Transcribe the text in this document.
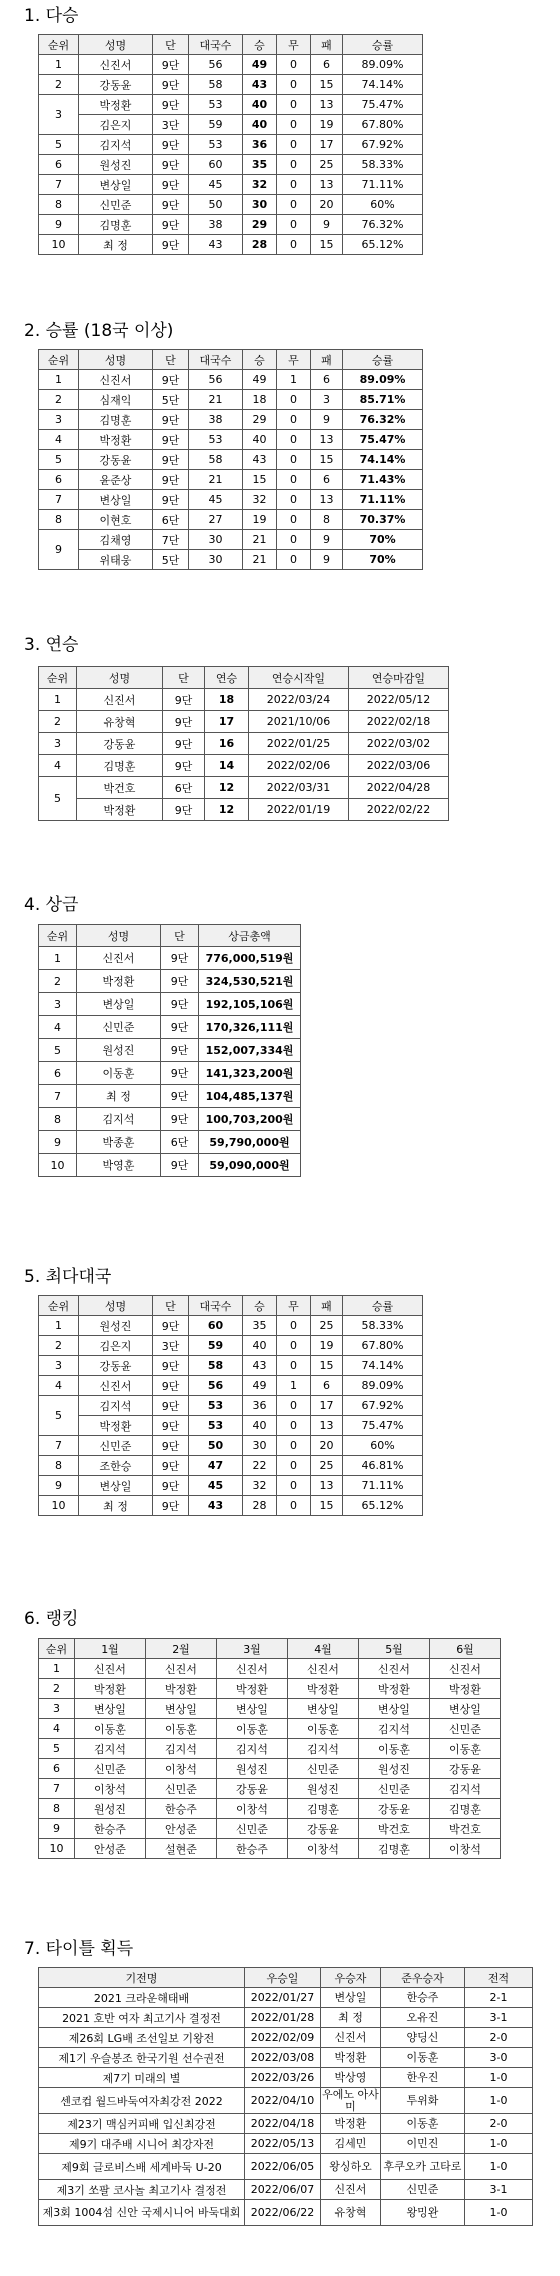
1. 다승
순위	성명	단	대국수	승	무	패	승률
1	신진서	9단	56	49	0	6	89.09%
2	강동윤	9단	58	43	0	15	74.14%
3	박정환	9단	53	40	0	13	75.47%
	김은지	3단	59	40	0	19	67.80%
5	김지석	9단	53	36	0	17	67.92%
6	원성진	9단	60	35	0	25	58.33%
7	변상일	9단	45	32	0	13	71.11%
8	신민준	9단	50	30	0	20	60%
9	김명훈	9단	38	29	0	9	76.32%
10	최 정	9단	43	28	0	15	65.12%
2. 승률 (18국 이상)
순위	성명	단	대국수	승	무	패	승률
1	신진서	9단	56	49	1	6	89.09%
2	심재익	5단	21	18	0	3	85.71%
3	김명훈	9단	38	29	0	9	76.32%
4	박정환	9단	53	40	0	13	75.47%
5	강동윤	9단	58	43	0	15	74.14%
6	윤준상	9단	21	15	0	6	71.43%
7	변상일	9단	45	32	0	13	71.11%
8	이현호	6단	27	19	0	8	70.37%
9	김채영	7단	30	21	0	9	70%
	위태웅	5단	30	21	0	9	70%
3. 연승
순위	성명	단	연승	연승시작일	연승마감일
1	신진서	9단	18	2022/03/24	2022/05/12
2	유창혁	9단	17	2021/10/06	2022/02/18
3	강동윤	9단	16	2022/01/25	2022/03/02
4	김명훈	9단	14	2022/02/06	2022/03/06
5	박건호	6단	12	2022/03/31	2022/04/28
	박정환	9단	12	2022/01/19	2022/02/22
4. 상금
순위	성명	단	상금총액
1	신진서	9단	776,000,519원
2	박정환	9단	324,530,521원
3	변상일	9단	192,105,106원
4	신민준	9단	170,326,111원
5	원성진	9단	152,007,334원
6	이동훈	9단	141,323,200원
7	최 정	9단	104,485,137원
8	김지석	9단	100,703,200원
9	박종훈	6단	59,790,000원
10	박영훈	9단	59,090,000원
5. 최다대국
순위	성명	단	대국수	승	무	패	승률
1	원성진	9단	60	35	0	25	58.33%
2	김은지	3단	59	40	0	19	67.80%
3	강동윤	9단	58	43	0	15	74.14%
4	신진서	9단	56	49	1	6	89.09%
5	김지석	9단	53	36	0	17	67.92%
	박정환	9단	53	40	0	13	75.47%
7	신민준	9단	50	30	0	20	60%
8	조한승	9단	47	22	0	25	46.81%
9	변상일	9단	45	32	0	13	71.11%
10	최 정	9단	43	28	0	15	65.12%
6. 랭킹
순위	1월	2월	3월	4월	5월	6월
1	신진서	신진서	신진서	신진서	신진서	신진서
2	박정환	박정환	박정환	박정환	박정환	박정환
3	변상일	변상일	변상일	변상일	변상일	변상일
4	이동훈	이동훈	이동훈	이동훈	김지석	신민준
5	김지석	김지석	김지석	김지석	이동훈	이동훈
6	신민준	이창석	원성진	신민준	원성진	강동윤
7	이창석	신민준	강동윤	원성진	신민준	김지석
8	원성진	한승주	이창석	김명훈	강동윤	김명훈
9	한승주	안성준	신민준	강동윤	박건호	박건호
10	안성준	설현준	한승주	이창석	김명훈	이창석
7. 타이틀 획득
기전명	우승일	우승자	준우승자	전적
2021 크라운해태배	2022/01/27	변상일	한승주	2-1
2021 호반 여자 최고기사 결정전	2022/01/28	최 정	오유진	3-1
제26회 LG배 조선일보 기왕전	2022/02/09	신진서	양딩신	2-0
제1기 우슬봉조 한국기원 선수권전	2022/03/08	박정환	이동훈	3-0
제7기 미래의 별	2022/03/26	박상영	한우진	1-0
센코컵 월드바둑여자최강전 2022	2022/04/10	우에노 아사미	투위화	1-0
제23기 맥심커피배 입신최강전	2022/04/18	박정환	이동훈	2-0
제9기 대주배 시니어 최강자전	2022/05/13	김세민	이민진	1-0
제9회 글로비스배 세계바둑 U-20	2022/06/05	왕싱하오	후쿠오카 고타로	1-0
제3기 쏘팔 코사놀 최고기사 결정전	2022/06/07	신진서	신민준	3-1
제3회 1004섬 신안 국제시니어 바둑대회	2022/06/22	유창혁	왕밍완	1-0
